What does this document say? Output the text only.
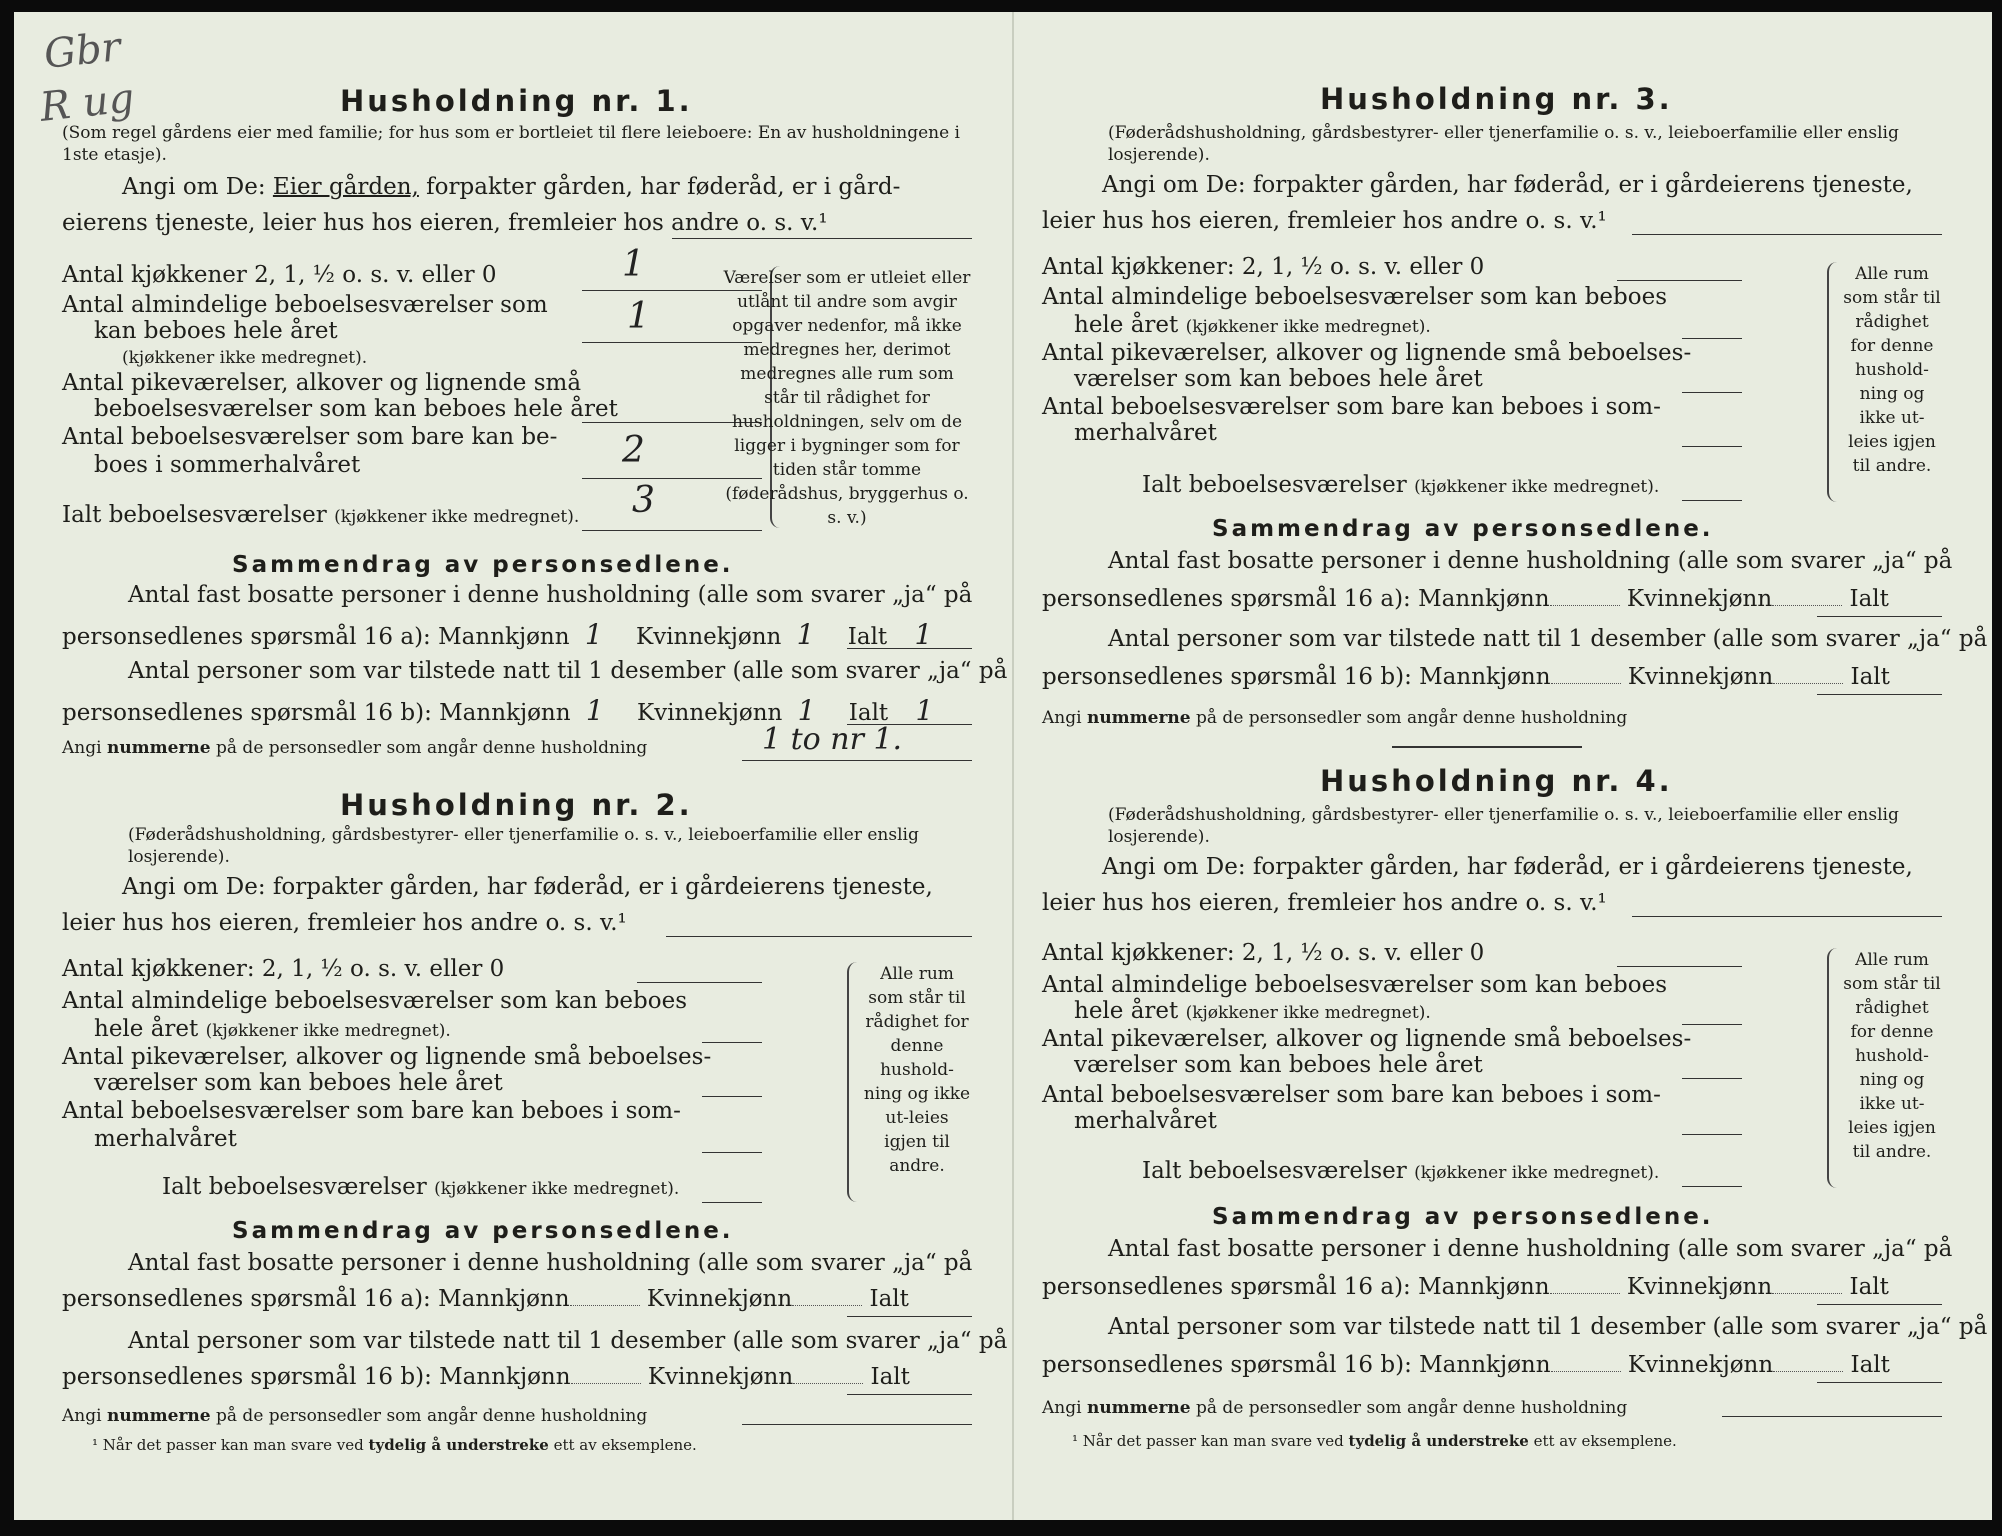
Gbr
R ug	Husholdning nr. 1.
(Som regel gårdens eier med familie; for hus som er bortleiet til flere leieboere: En av husholdningene i 1ste etasje).
Angi om De: Eier gården, forpakter gården, har føderåd, er i gård-
eierens tjeneste, leier hus hos eieren, fremleier hos andre o. s. v.¹
Antal kjøkkener 2, 1, ½ o. s. v. eller 0	1
Antal almindelige beboelsesværelser som
kan beboes hele året	1
(kjøkkener ikke medregnet).
Antal pikeværelser, alkover og lignende små
beboelsesværelser som kan beboes hele året
Antal beboelsesværelser som bare kan be-
boes i sommerhalvåret	2
Ialt beboelsesværelser (kjøkkener ikke medregnet). 3
Værelser som er utleiet eller utlånt til andre som avgir opgaver nedenfor, må ikke medregnes her, derimot medregnes alle rum som står til rådighet for husholdningen, selv om de ligger i bygninger som for tiden står tomme (føderådshus, bryggerhus o. s. v.)
Sammendrag av personsedlene.
Antal fast bosatte personer i denne husholdning (alle som svarer „ja“ på
personsedlenes spørsmål 16 a): Mannkjønn 1 Kvinnekjønn 1 Ialt 1
Antal personer som var tilstede natt til 1 desember (alle som svarer „ja“ på
personsedlenes spørsmål 16 b): Mannkjønn 1 Kvinnekjønn 1 Ialt 1
Angi nummerne på de personsedler som angår denne husholdning	1 to nr 1.
Husholdning nr. 2.
(Føderådshusholdning, gårdsbestyrer- eller tjenerfamilie o. s. v., leieboerfamilie eller enslig losjerende).
Angi om De: forpakter gården, har føderåd, er i gårdeierens tjeneste,
leier hus hos eieren, fremleier hos andre o. s. v.¹
Antal kjøkkener: 2, 1, ½ o. s. v. eller 0
Antal almindelige beboelsesværelser som kan beboes
hele året (kjøkkener ikke medregnet).
Antal pikeværelser, alkover og lignende små beboelses-
værelser som kan beboes hele året
Antal beboelsesværelser som bare kan beboes i som-
merhalvåret
Ialt beboelsesværelser (kjøkkener ikke medregnet).
Alle rum som står til rådighet for denne hushold-ning og ikke ut-leies igjen til andre.
Sammendrag av personsedlene.
Antal fast bosatte personer i denne husholdning (alle som svarer „ja“ på
personsedlenes spørsmål 16 a): Mannkjønn	Kvinnekjønn	Ialt
Antal personer som var tilstede natt til 1 desember (alle som svarer „ja“ på
personsedlenes spørsmål 16 b): Mannkjønn	Kvinnekjønn	Ialt
Angi nummerne på de personsedler som angår denne husholdning
¹ Når det passer kan man svare ved tydelig å understreke ett av eksemplene.
Husholdning nr. 3.
(Føderådshusholdning, gårdsbestyrer- eller tjenerfamilie o. s. v., leieboerfamilie eller enslig losjerende).
Angi om De: forpakter gården, har føderåd, er i gårdeierens tjeneste,
leier hus hos eieren, fremleier hos andre o. s. v.¹
Antal kjøkkener: 2, 1, ½ o. s. v. eller 0
Antal almindelige beboelsesværelser som kan beboes
hele året (kjøkkener ikke medregnet).
Antal pikeværelser, alkover og lignende små beboelses-
værelser som kan beboes hele året
Antal beboelsesværelser som bare kan beboes i som-
merhalvåret
Ialt beboelsesværelser (kjøkkener ikke medregnet).
Alle rum som står til rådighet for denne hushold-ning og ikke ut-leies igjen til andre.
Sammendrag av personsedlene.
Antal fast bosatte personer i denne husholdning (alle som svarer „ja“ på
personsedlenes spørsmål 16 a): Mannkjønn	Kvinnekjønn	Ialt
Antal personer som var tilstede natt til 1 desember (alle som svarer „ja“ på
personsedlenes spørsmål 16 b): Mannkjønn	Kvinnekjønn	Ialt
Angi nummerne på de personsedler som angår denne husholdning
Husholdning nr. 4.
(Føderådshusholdning, gårdsbestyrer- eller tjenerfamilie o. s. v., leieboerfamilie eller enslig losjerende).
Angi om De: forpakter gården, har føderåd, er i gårdeierens tjeneste,
leier hus hos eieren, fremleier hos andre o. s. v.¹
Antal kjøkkener: 2, 1, ½ o. s. v. eller 0
Antal almindelige beboelsesværelser som kan beboes
hele året (kjøkkener ikke medregnet).
Antal pikeværelser, alkover og lignende små beboelses-
værelser som kan beboes hele året
Antal beboelsesværelser som bare kan beboes i som-
merhalvåret
Ialt beboelsesværelser (kjøkkener ikke medregnet).
Alle rum som står til rådighet for denne hushold-ning og ikke ut-leies igjen til andre.
Sammendrag av personsedlene.
Antal fast bosatte personer i denne husholdning (alle som svarer „ja“ på
personsedlenes spørsmål 16 a): Mannkjønn	Kvinnekjønn	Ialt
Antal personer som var tilstede natt til 1 desember (alle som svarer „ja“ på
personsedlenes spørsmål 16 b): Mannkjønn	Kvinnekjønn	Ialt
Angi nummerne på de personsedler som angår denne husholdning
¹ Når det passer kan man svare ved tydelig å understreke ett av eksemplene.
